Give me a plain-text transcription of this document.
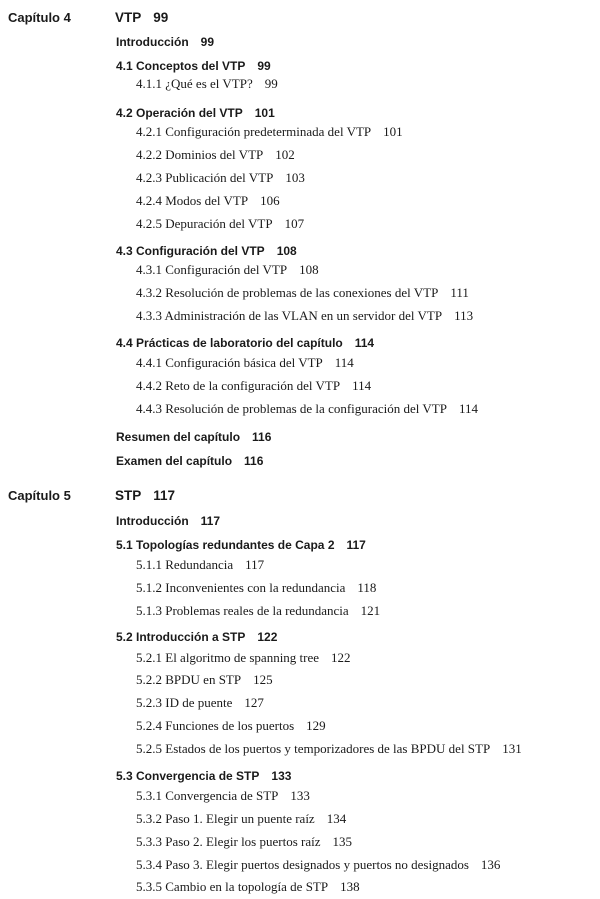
Capítulo 4	VTP 99
Introducción 99
4.1 Conceptos del VTP 99
4.1.1 ¿Qué es el VTP? 99
4.2 Operación del VTP 101
4.2.1 Configuración predeterminada del VTP 101
4.2.2 Dominios del VTP 102
4.2.3 Publicación del VTP 103
4.2.4 Modos del VTP 106
4.2.5 Depuración del VTP 107
4.3 Configuración del VTP 108
4.3.1 Configuración del VTP 108
4.3.2 Resolución de problemas de las conexiones del VTP 111
4.3.3 Administración de las VLAN en un servidor del VTP 113
4.4 Prácticas de laboratorio del capítulo 114
4.4.1 Configuración básica del VTP 114
4.4.2 Reto de la configuración del VTP 114
4.4.3 Resolución de problemas de la configuración del VTP 114
Resumen del capítulo 116
Examen del capítulo 116
Capítulo 5	STP 117
Introducción 117
5.1 Topologías redundantes de Capa 2 117
5.1.1 Redundancia 117
5.1.2 Inconvenientes con la redundancia 118
5.1.3 Problemas reales de la redundancia 121
5.2 Introducción a STP 122
5.2.1 El algoritmo de spanning tree 122
5.2.2 BPDU en STP 125
5.2.3 ID de puente 127
5.2.4 Funciones de los puertos 129
5.2.5 Estados de los puertos y temporizadores de las BPDU del STP 131
5.3 Convergencia de STP 133
5.3.1 Convergencia de STP 133
5.3.2 Paso 1. Elegir un puente raíz 134
5.3.3 Paso 2. Elegir los puertos raíz 135
5.3.4 Paso 3. Elegir puertos designados y puertos no designados 136
5.3.5 Cambio en la topología de STP 138
